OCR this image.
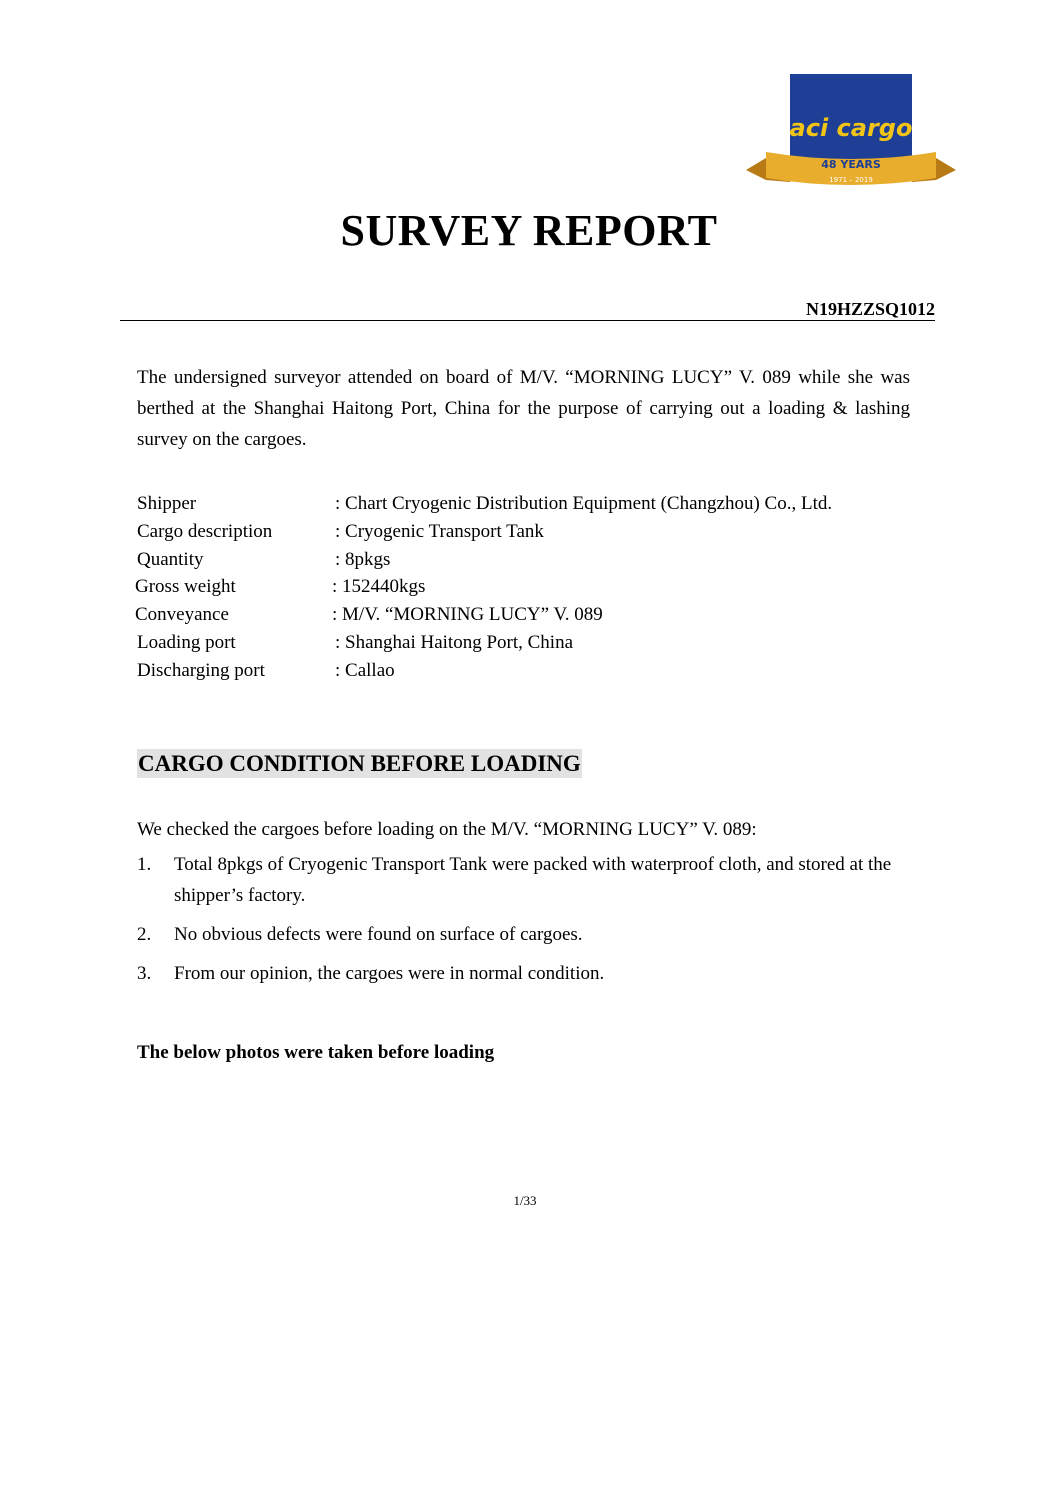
aci cargo
48 YEARS
1971 – 2019
SURVEY REPORT
N19HZZSQ1012

The undersigned surveyor attended on board of M/V. “MORNING LUCY” V. 089 while she was berthed at the Shanghai Haitong Port, China for the purpose of carrying out a loading & lashing survey on the cargoes.

Shipper	: Chart Cryogenic Distribution Equipment (Changzhou) Co., Ltd.
Cargo description	: Cryogenic Transport Tank
Quantity	: 8pkgs
Gross weight	: 152440kgs
Conveyance	: M/V. “MORNING LUCY” V. 089
Loading port	: Shanghai Haitong Port, China
Discharging port	: Callao
CARGO CONDITION BEFORE LOADING
We checked the cargoes before loading on the M/V. “MORNING LUCY” V. 089:
1. Total 8pkgs of Cryogenic Transport Tank were packed with waterproof cloth, and stored at the shipper’s factory.
2. No obvious defects were found on surface of cargoes.
3. From our opinion, the cargoes were in normal condition.
The below photos were taken before loading
1/33
